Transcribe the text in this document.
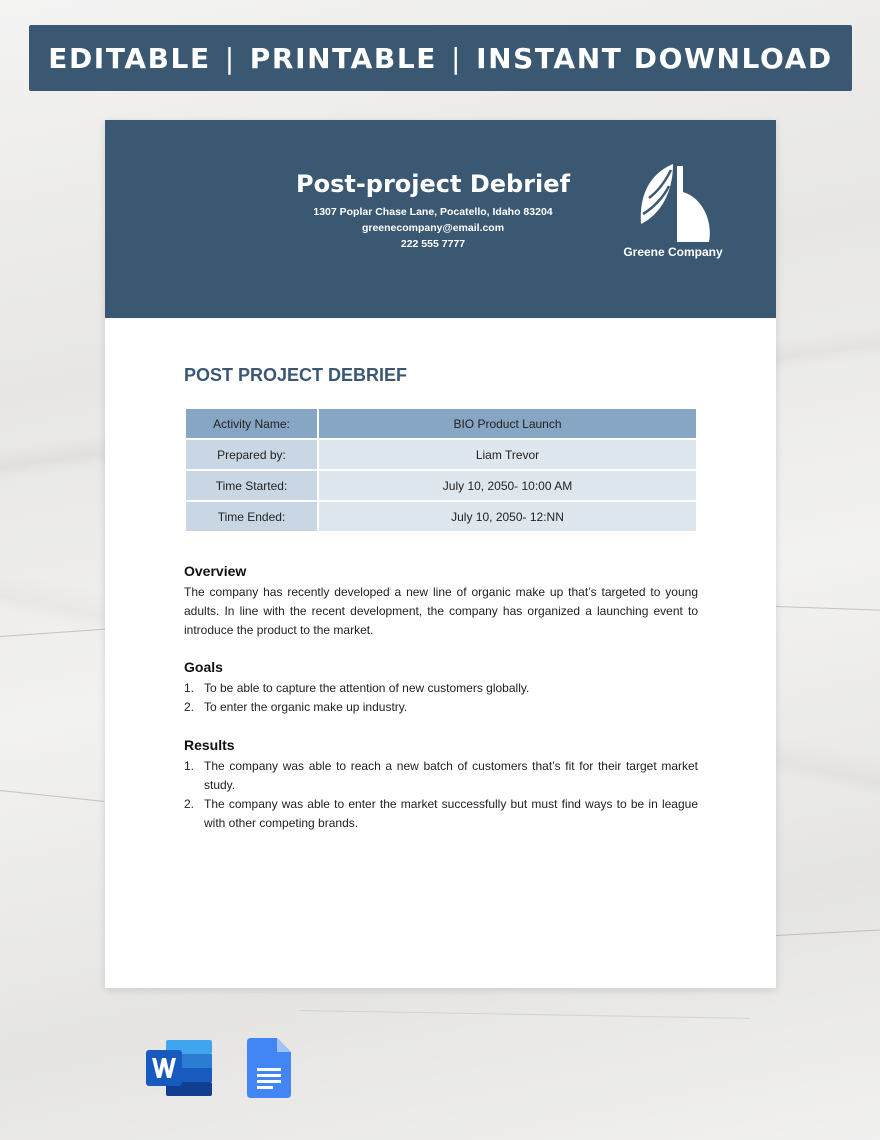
EDITABLE | PRINTABLE | INSTANT DOWNLOAD
Post-project Debrief
1307 Poplar Chase Lane, Pocatello, Idaho 83204
greenecompany@email.com
222 555 7777
Greene Company
POST PROJECT DEBRIEF
Activity Name:	BIO Product Launch
Prepared by:	Liam Trevor
Time Started:	July 10, 2050- 10:00 AM
Time Ended:	July 10, 2050- 12:NN
Overview

The company has recently developed a new line of organic make up that’s targeted to young adults. In line with the recent development, the company has organized a launching event to introduce the product to the market.

Goals
1. To be able to capture the attention of new customers globally.
2. To enter the organic make up industry.
Results
1. The company was able to reach a new batch of customers that’s fit for their target market study.
2. The company was able to enter the market successfully but must find ways to be in league with other competing brands.
